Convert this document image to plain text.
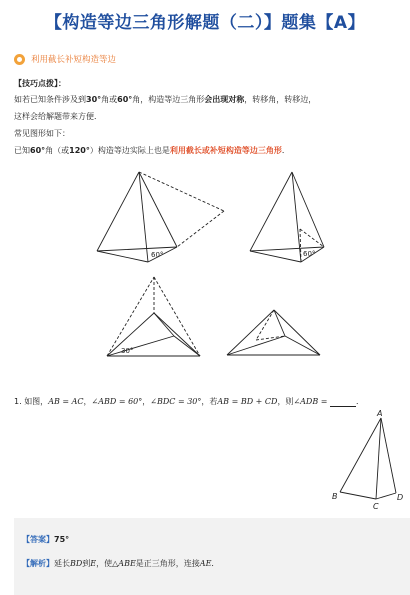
【构造等边三角形解题（二）】题集【A】
利用截长补短构造等边
【技巧点拨】：
如若已知条件涉及到30°角或60°角，构造等边三角形会出现对称，转移角，转移边，
这样会给解题带来方便．
常见图形如下：
已知60°角（或120°）构造等边实际上也是利用截长或补短构造等边三角形．
60°	60°
30°
1. 如图，AB = AC，∠ABD = 60°，∠BDC = 30°，若AB = BD + CD，则∠ADB =	．
A
B
C
D
【答案】75°
【解析】延长BD到E，使△ABE是正三角形，连接AE．
